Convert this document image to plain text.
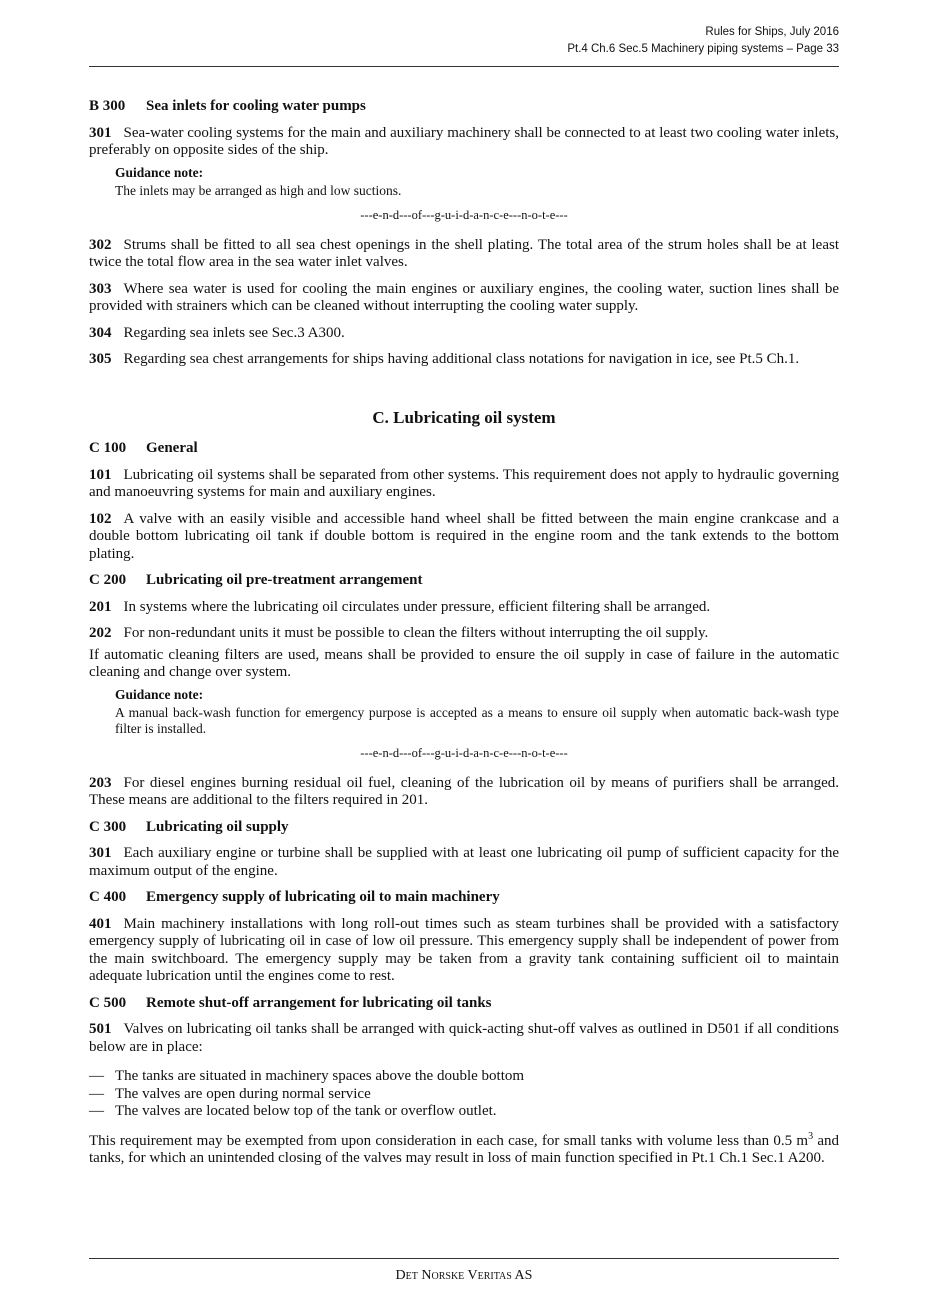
Rules for Ships, July 2016
Pt.4 Ch.6 Sec.5 Machinery piping systems – Page 33
B 300 Sea inlets for cooling water pumps

301 Sea-water cooling systems for the main and auxiliary machinery shall be connected to at least two cooling water inlets, preferably on opposite sides of the ship.

Guidance note:
The inlets may be arranged as high and low suctions.
---e-n-d---of---g-u-i-d-a-n-c-e---n-o-t-e---

302 Strums shall be fitted to all sea chest openings in the shell plating. The total area of the strum holes shall be at least twice the total flow area in the sea water inlet valves.

303 Where sea water is used for cooling the main engines or auxiliary engines, the cooling water, suction lines shall be provided with strainers which can be cleaned without interrupting the cooling water supply.

304 Regarding sea inlets see Sec.3 A300.

305 Regarding sea chest arrangements for ships having additional class notations for navigation in ice, see Pt.5 Ch.1.

C. Lubricating oil system
C 100 General

101 Lubricating oil systems shall be separated from other systems. This requirement does not apply to hydraulic governing and manoeuvring systems for main and auxiliary engines.

102 A valve with an easily visible and accessible hand wheel shall be fitted between the main engine crankcase and a double bottom lubricating oil tank if double bottom is required in the engine room and the tank extends to the bottom plating.

C 200 Lubricating oil pre-treatment arrangement

201 In systems where the lubricating oil circulates under pressure, efficient filtering shall be arranged.

202 For non-redundant units it must be possible to clean the filters without interrupting the oil supply.

If automatic cleaning filters are used, means shall be provided to ensure the oil supply in case of failure in the automatic cleaning and change over system.

Guidance note:
A manual back-wash function for emergency purpose is accepted as a means to ensure oil supply when automatic back-wash type filter is installed.
---e-n-d---of---g-u-i-d-a-n-c-e---n-o-t-e---

203 For diesel engines burning residual oil fuel, cleaning of the lubrication oil by means of purifiers shall be arranged. These means are additional to the filters required in 201.

C 300 Lubricating oil supply

301 Each auxiliary engine or turbine shall be supplied with at least one lubricating oil pump of sufficient capacity for the maximum output of the engine.

C 400 Emergency supply of lubricating oil to main machinery

401 Main machinery installations with long roll-out times such as steam turbines shall be provided with a satisfactory emergency supply of lubricating oil in case of low oil pressure. This emergency supply shall be independent of power from the main switchboard. The emergency supply may be taken from a gravity tank containing sufficient oil to maintain adequate lubrication until the engines come to rest.

C 500 Remote shut-off arrangement for lubricating oil tanks

501 Valves on lubricating oil tanks shall be arranged with quick-acting shut-off valves as outlined in D501 if all conditions below are in place:

— The tanks are situated in machinery spaces above the double bottom
— The valves are open during normal service
— The valves are located below top of the tank or overflow outlet.

This requirement may be exempted from upon consideration in each case, for small tanks with volume less than 0.5 $m^3$ and tanks, for which an unintended closing of the valves may result in loss of main function specified in Pt.1 Ch.1 Sec.1 A200.

Det Norske Veritas AS
